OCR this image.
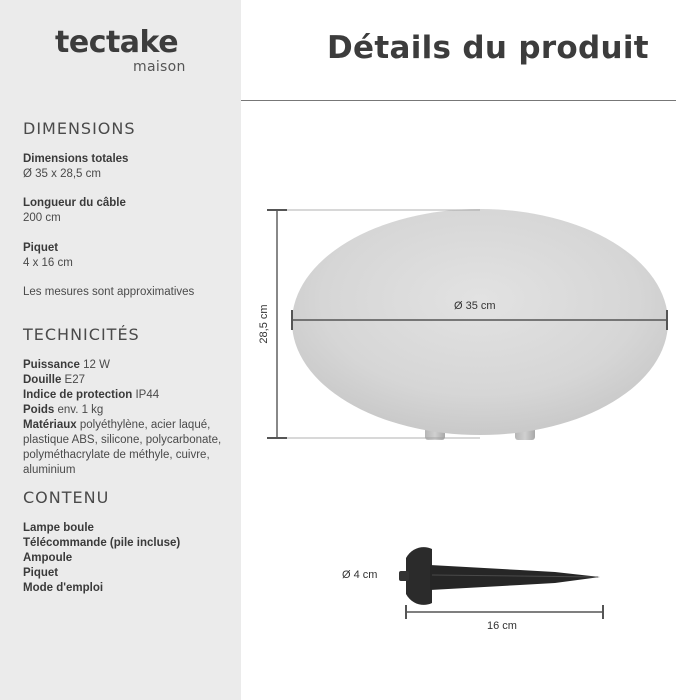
tectake
maison
DIMENSIONS
Dimensions totales
Ø 35 x 28,5 cm
Longueur du câble
200 cm
Piquet
4 x 16 cm
Les mesures sont approximatives
TECHNICITÉS
Puissance 12 W
Douille E27
Indice de protection IP44
Poids env. 1 kg
Matériaux polyéthylène, acier laqué, plastique ABS, silicone, polycarbonate, polyméthacrylate de méthyle, cuivre, aluminium
CONTENU
Lampe boule
Télécommande (pile incluse)
Ampoule
Piquet
Mode d'emploi
Détails du produit
Ø 35 cm
28,5 cm
Ø 4 cm
16 cm
